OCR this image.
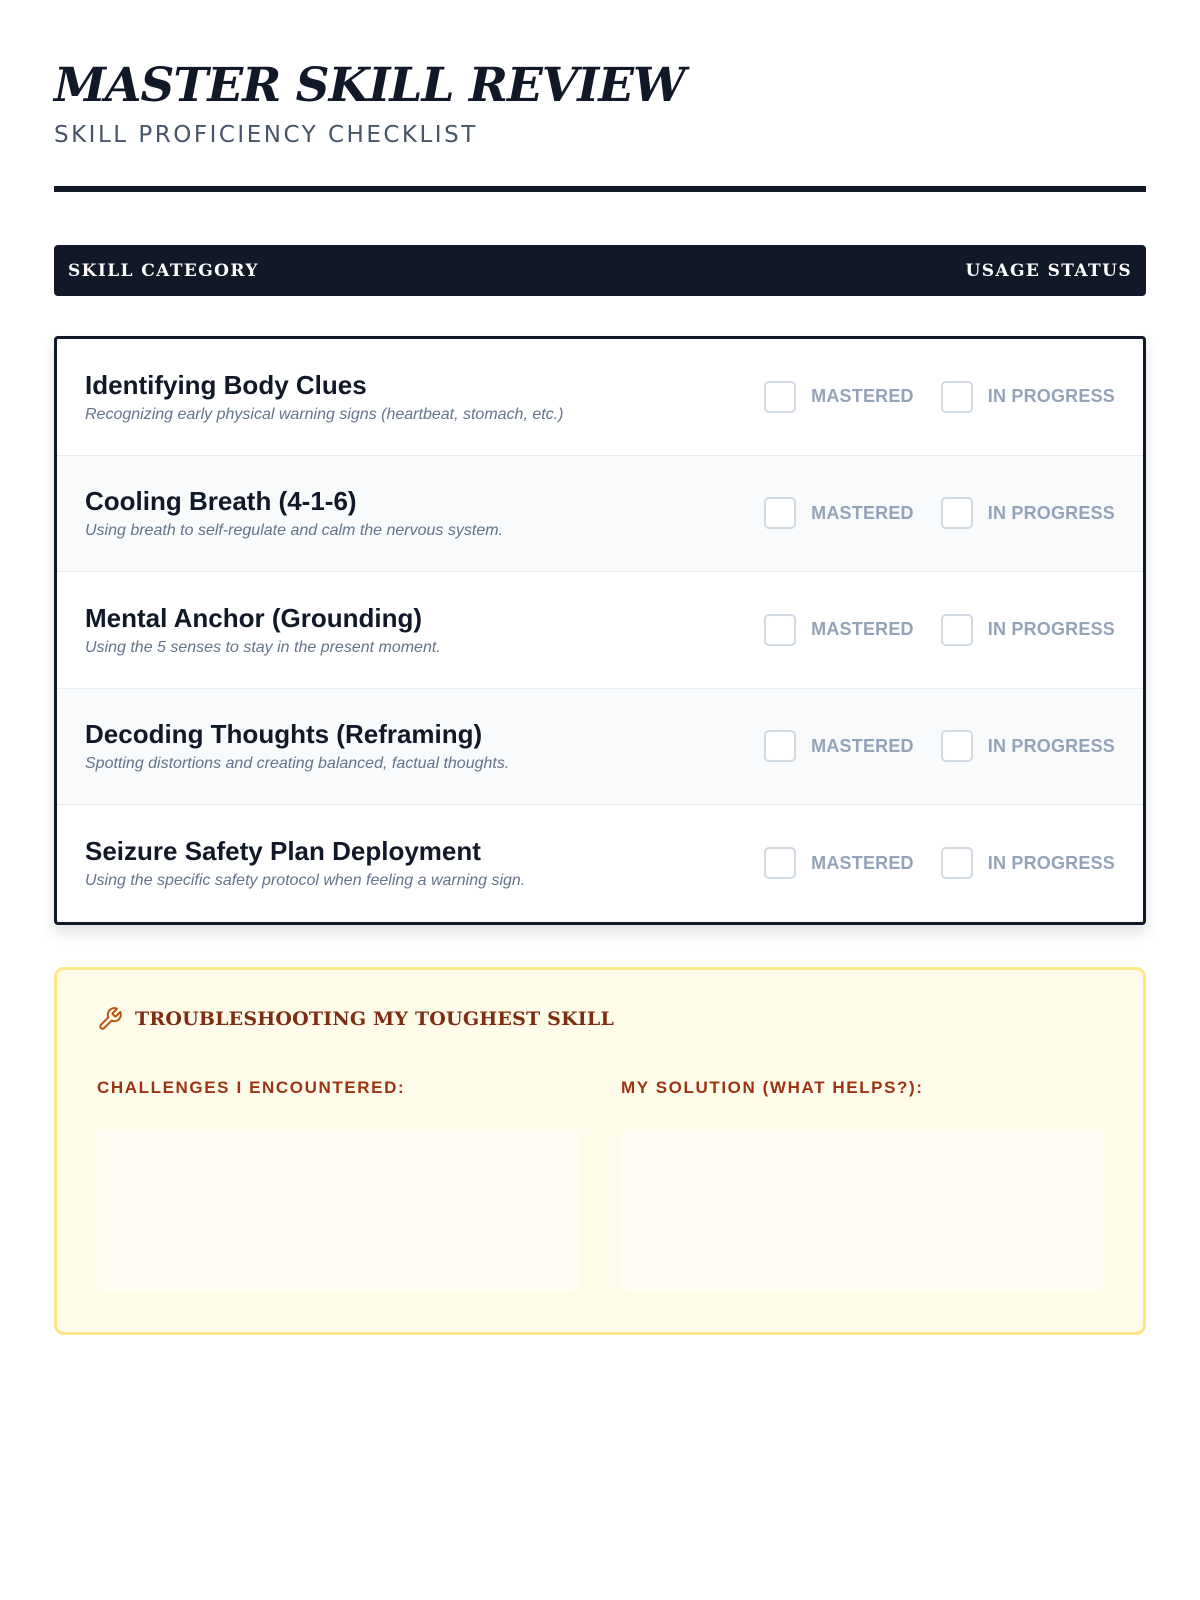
MASTER SKILL REVIEW
SKILL PROFICIENCY CHECKLIST
SKILL CATEGORY	USAGE STATUS
Identifying Body Clues
Recognizing early physical warning signs (heartbeat, stomach, etc.)
MASTERED	IN PROGRESS
Cooling Breath (4-1-6)
Using breath to self-regulate and calm the nervous system.
MASTERED	IN PROGRESS
Mental Anchor (Grounding)
Using the 5 senses to stay in the present moment.
MASTERED	IN PROGRESS
Decoding Thoughts (Reframing)
Spotting distortions and creating balanced, factual thoughts.
MASTERED	IN PROGRESS
Seizure Safety Plan Deployment
Using the specific safety protocol when feeling a warning sign.
MASTERED	IN PROGRESS
TROUBLESHOOTING MY TOUGHEST SKILL
CHALLENGES I ENCOUNTERED:	MY SOLUTION (WHAT HELPS?):
